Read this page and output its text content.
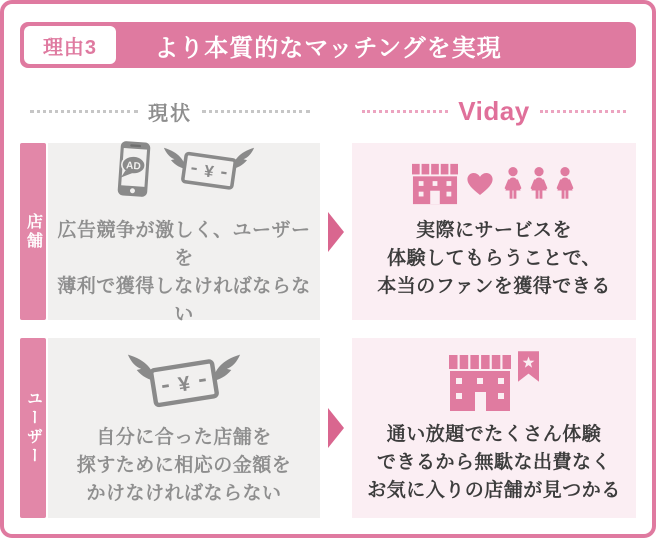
理由3	より本質的なマッチングを実現
現状	Viday
店舗
AD	¥
広告競争が激しく、ユーザーを
薄利で獲得しなければならない
実際にサービスを
体験してもらうことで、
本当のファンを獲得できる
ユーザー
¥
自分に合った店舗を
探すために相応の金額を
かけなければならない
通い放題でたくさん体験
できるから無駄な出費なく
お気に入りの店舗が見つかる
